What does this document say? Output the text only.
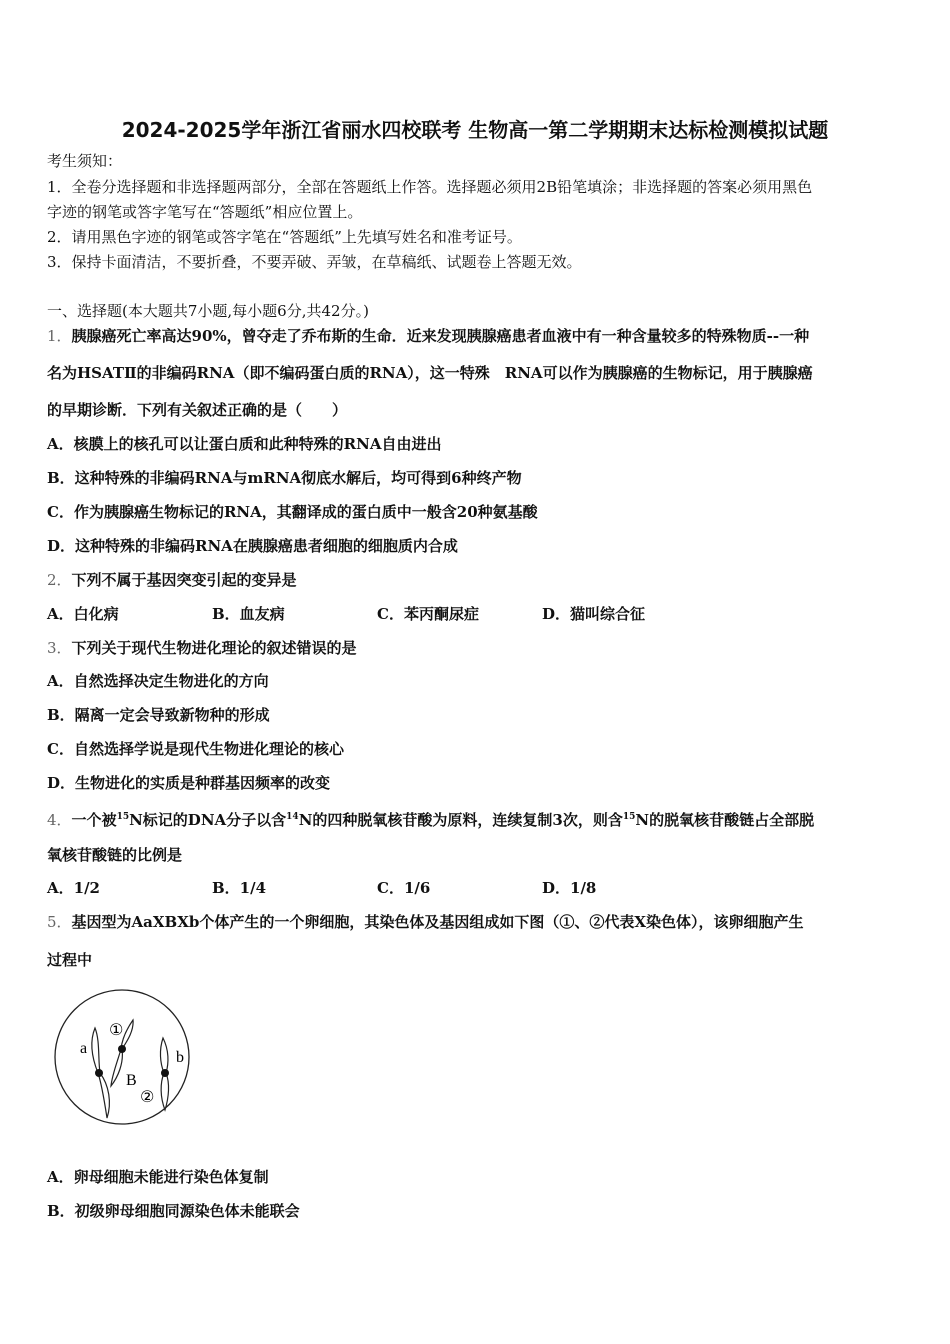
2024-2025学年浙江省丽水四校联考 生物高一第二学期期末达标检测模拟试题
考生须知：
1．全卷分选择题和非选择题两部分，全部在答题纸上作答。选择题必须用2B铅笔填涂；非选择题的答案必须用黑色
字迹的钢笔或答字笔写在“答题纸”相应位置上。
2．请用黑色字迹的钢笔或答字笔在“答题纸”上先填写姓名和准考证号。
3．保持卡面清洁，不要折叠，不要弄破、弄皱，在草稿纸、试题卷上答题无效。
一、选择题(本大题共7小题,每小题6分,共42分。)
1．胰腺癌死亡率高达90%，曾夺走了乔布斯的生命．近来发现胰腺癌患者血液中有一种含量较多的特殊物质--一种
名为HSATⅡ的非编码RNA（即不编码蛋白质的RNA），这一特殊　RNA可以作为胰腺癌的生物标记，用于胰腺癌
的早期诊断．下列有关叙述正确的是（　　）
A．核膜上的核孔可以让蛋白质和此种特殊的RNA自由进出
B．这种特殊的非编码RNA与mRNA彻底水解后，均可得到6种终产物
C．作为胰腺癌生物标记的RNA，其翻译成的蛋白质中一般含20种氨基酸
D．这种特殊的非编码RNA在胰腺癌患者细胞的细胞质内合成
2．下列不属于基因突变引起的变异是
A．白化病	B．血友病	C．苯丙酮尿症	D．猫叫综合征
3．下列关于现代生物进化理论的叙述错误的是
A．自然选择决定生物进化的方向
B．隔离一定会导致新物种的形成
C．自然选择学说是现代生物进化理论的核心
D．生物进化的实质是种群基因频率的改变
4．一个被$^{15}$N标记的DNA分子以含$^{14}$N的四种脱氧核苷酸为原料，连续复制3次，则含$^{15}$N的脱氧核苷酸链占全部脱
氧核苷酸链的比例是
A．1/2	B．1/4	C．1/6	D．1/8
5．基因型为AaXBXb个体产生的一个卵细胞，其染色体及基因组成如下图（①、②代表X染色体），该卵细胞产生
过程中
a
①
B
b
②
A．卵母细胞未能进行染色体复制
B．初级卵母细胞同源染色体未能联会
